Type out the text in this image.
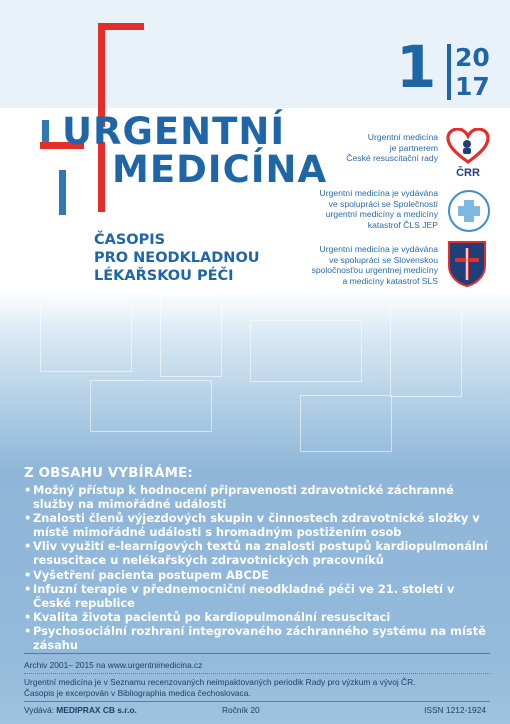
URGENTNÍ
MEDICÍNA
1 20
17
ČASOPIS
PRO NEODKLADNOU
LÉKAŘSKOU PÉČI
Urgentní medicína
je partnerem
České resuscitační rady
ČRR
Urgentní medicína je vydávána
ve spolupráci se Společností
urgentní medicíny a medicíny
katastrof ČLS JEP
Urgentní medicína je vydávána
ve spolupráci se Slovenskou
spoločnosťou urgentnej medicíny
a medicíny katastrof SLS
Z OBSAHU VYBÍRÁME:
• Možný přístup k hodnocení připravenosti zdravotnické záchranné služby na mimořádné události
• Znalosti členů výjezdových skupin v činnostech zdravotnické složky v místě mimořádné události s hromadným postižením osob
• Vliv využití e-learnigových textů na znalosti postupů kardiopulmonální resuscitace u nelékařských zdravotnických pracovníků
• Vyšetření pacienta postupem ABCDE
• Infuzní terapie v přednemocniční neodkladné péči ve 21. století v České republice
• Kvalita života pacientů po kardiopulmonální resuscitaci
• Psychosociální rozhraní integrovaného záchranného systému na místě zásahu
Archiv 2001– 2015 na www.urgentnimedicina.cz
Urgentní medicína je v Seznamu recenzovaných neimpaktovaných periodik Rady pro výzkum a vývoj ČR.
Časopis je excerpován v Bibliographia medica čechoslovaca.
Vydává: MEDIPRAX CB s.r.o.	Ročník 20	ISSN 1212-1924
